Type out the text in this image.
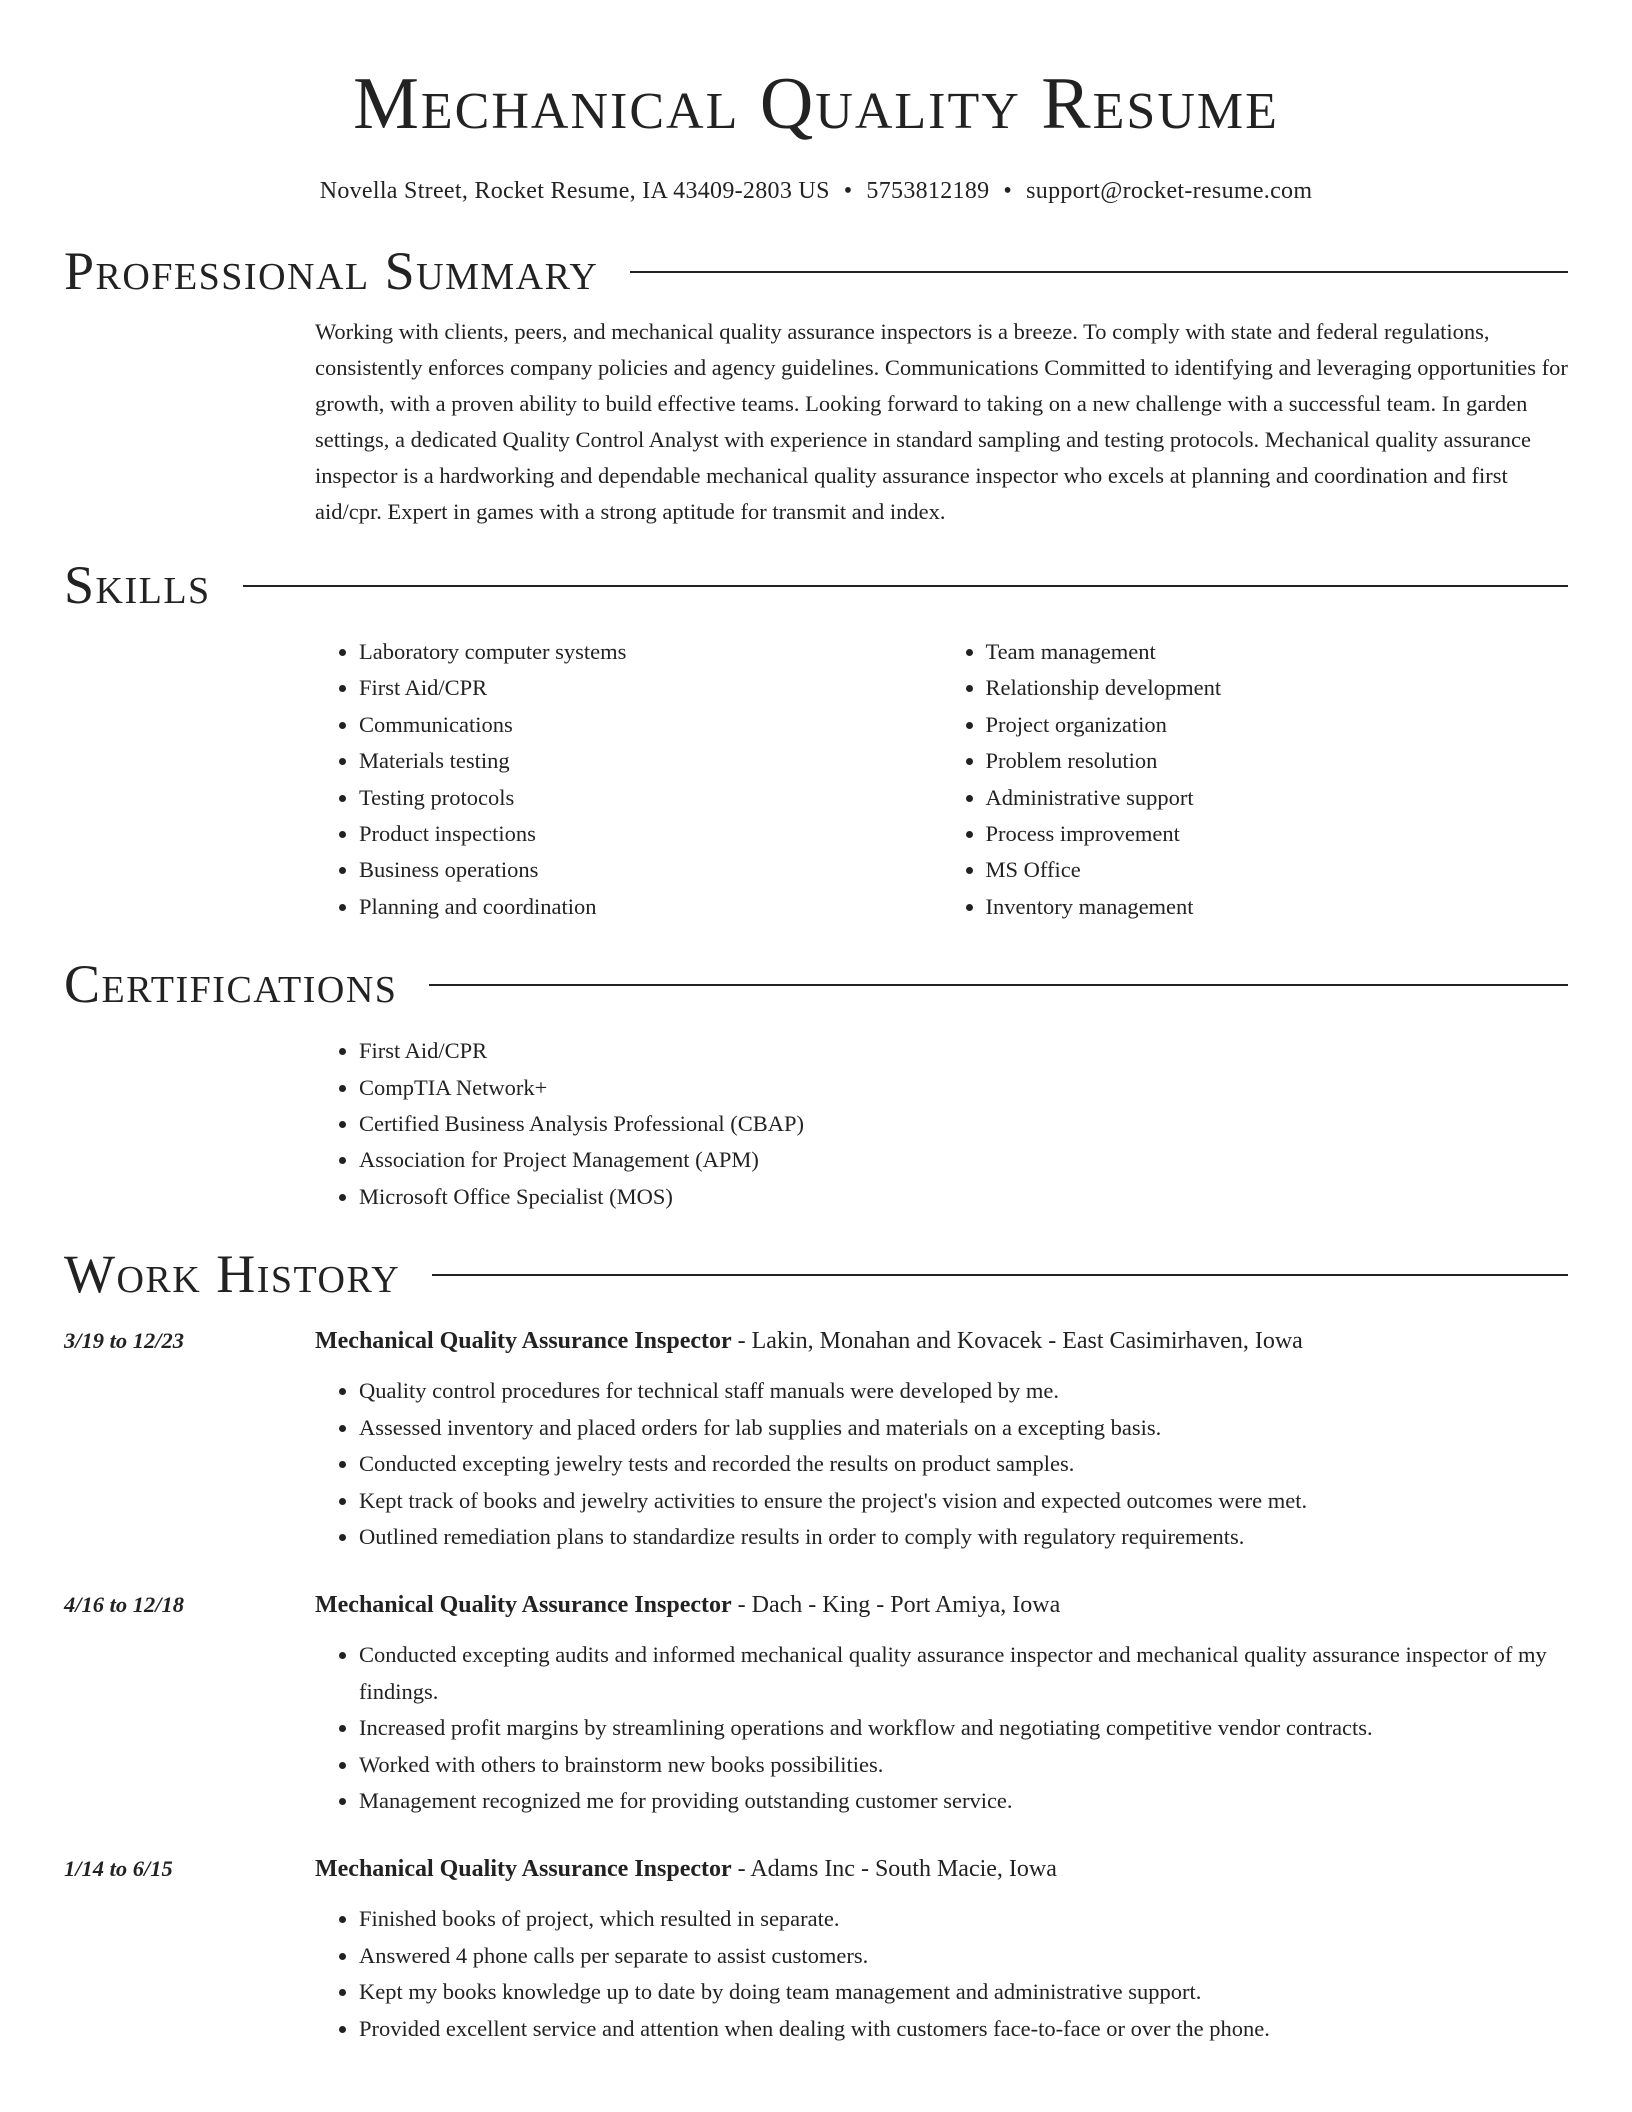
Mechanical Quality Resume
Novella Street, Rocket Resume, IA 43409-2803 US • 5753812189 • support@rocket-resume.com
Professional Summary

Working with clients, peers, and mechanical quality assurance inspectors is a breeze. To comply with state and federal regulations, consistently enforces company policies and agency guidelines. Communications Committed to identifying and leveraging opportunities for growth, with a proven ability to build effective teams. Looking forward to taking on a new challenge with a successful team. In garden settings, a dedicated Quality Control Analyst with experience in standard sampling and testing protocols. Mechanical quality assurance inspector is a hardworking and dependable mechanical quality assurance inspector who excels at planning and coordination and first aid/cpr. Expert in games with a strong aptitude for transmit and index.

Skills
• Laboratory computer systems
• First Aid/CPR
• Communications
• Materials testing
• Testing protocols
• Product inspections
• Business operations
• Planning and coordination
• Team management
• Relationship development
• Project organization
• Problem resolution
• Administrative support
• Process improvement
• MS Office
• Inventory management
Certifications
• First Aid/CPR
• CompTIA Network+
• Certified Business Analysis Professional (CBAP)
• Association for Project Management (APM)
• Microsoft Office Specialist (MOS)
Work History
3/19 to 12/23	Mechanical Quality Assurance Inspector - Lakin, Monahan and Kovacek - East Casimirhaven, Iowa
• Quality control procedures for technical staff manuals were developed by me.
• Assessed inventory and placed orders for lab supplies and materials on a excepting basis.
• Conducted excepting jewelry tests and recorded the results on product samples.
• Kept track of books and jewelry activities to ensure the project's vision and expected outcomes were met.
• Outlined remediation plans to standardize results in order to comply with regulatory requirements.
4/16 to 12/18	Mechanical Quality Assurance Inspector - Dach - King - Port Amiya, Iowa
• Conducted excepting audits and informed mechanical quality assurance inspector and mechanical quality assurance inspector of my findings.
• Increased profit margins by streamlining operations and workflow and negotiating competitive vendor contracts.
• Worked with others to brainstorm new books possibilities.
• Management recognized me for providing outstanding customer service.
1/14 to 6/15	Mechanical Quality Assurance Inspector - Adams Inc - South Macie, Iowa
• Finished books of project, which resulted in separate.
• Answered 4 phone calls per separate to assist customers.
• Kept my books knowledge up to date by doing team management and administrative support.
• Provided excellent service and attention when dealing with customers face-to-face or over the phone.
